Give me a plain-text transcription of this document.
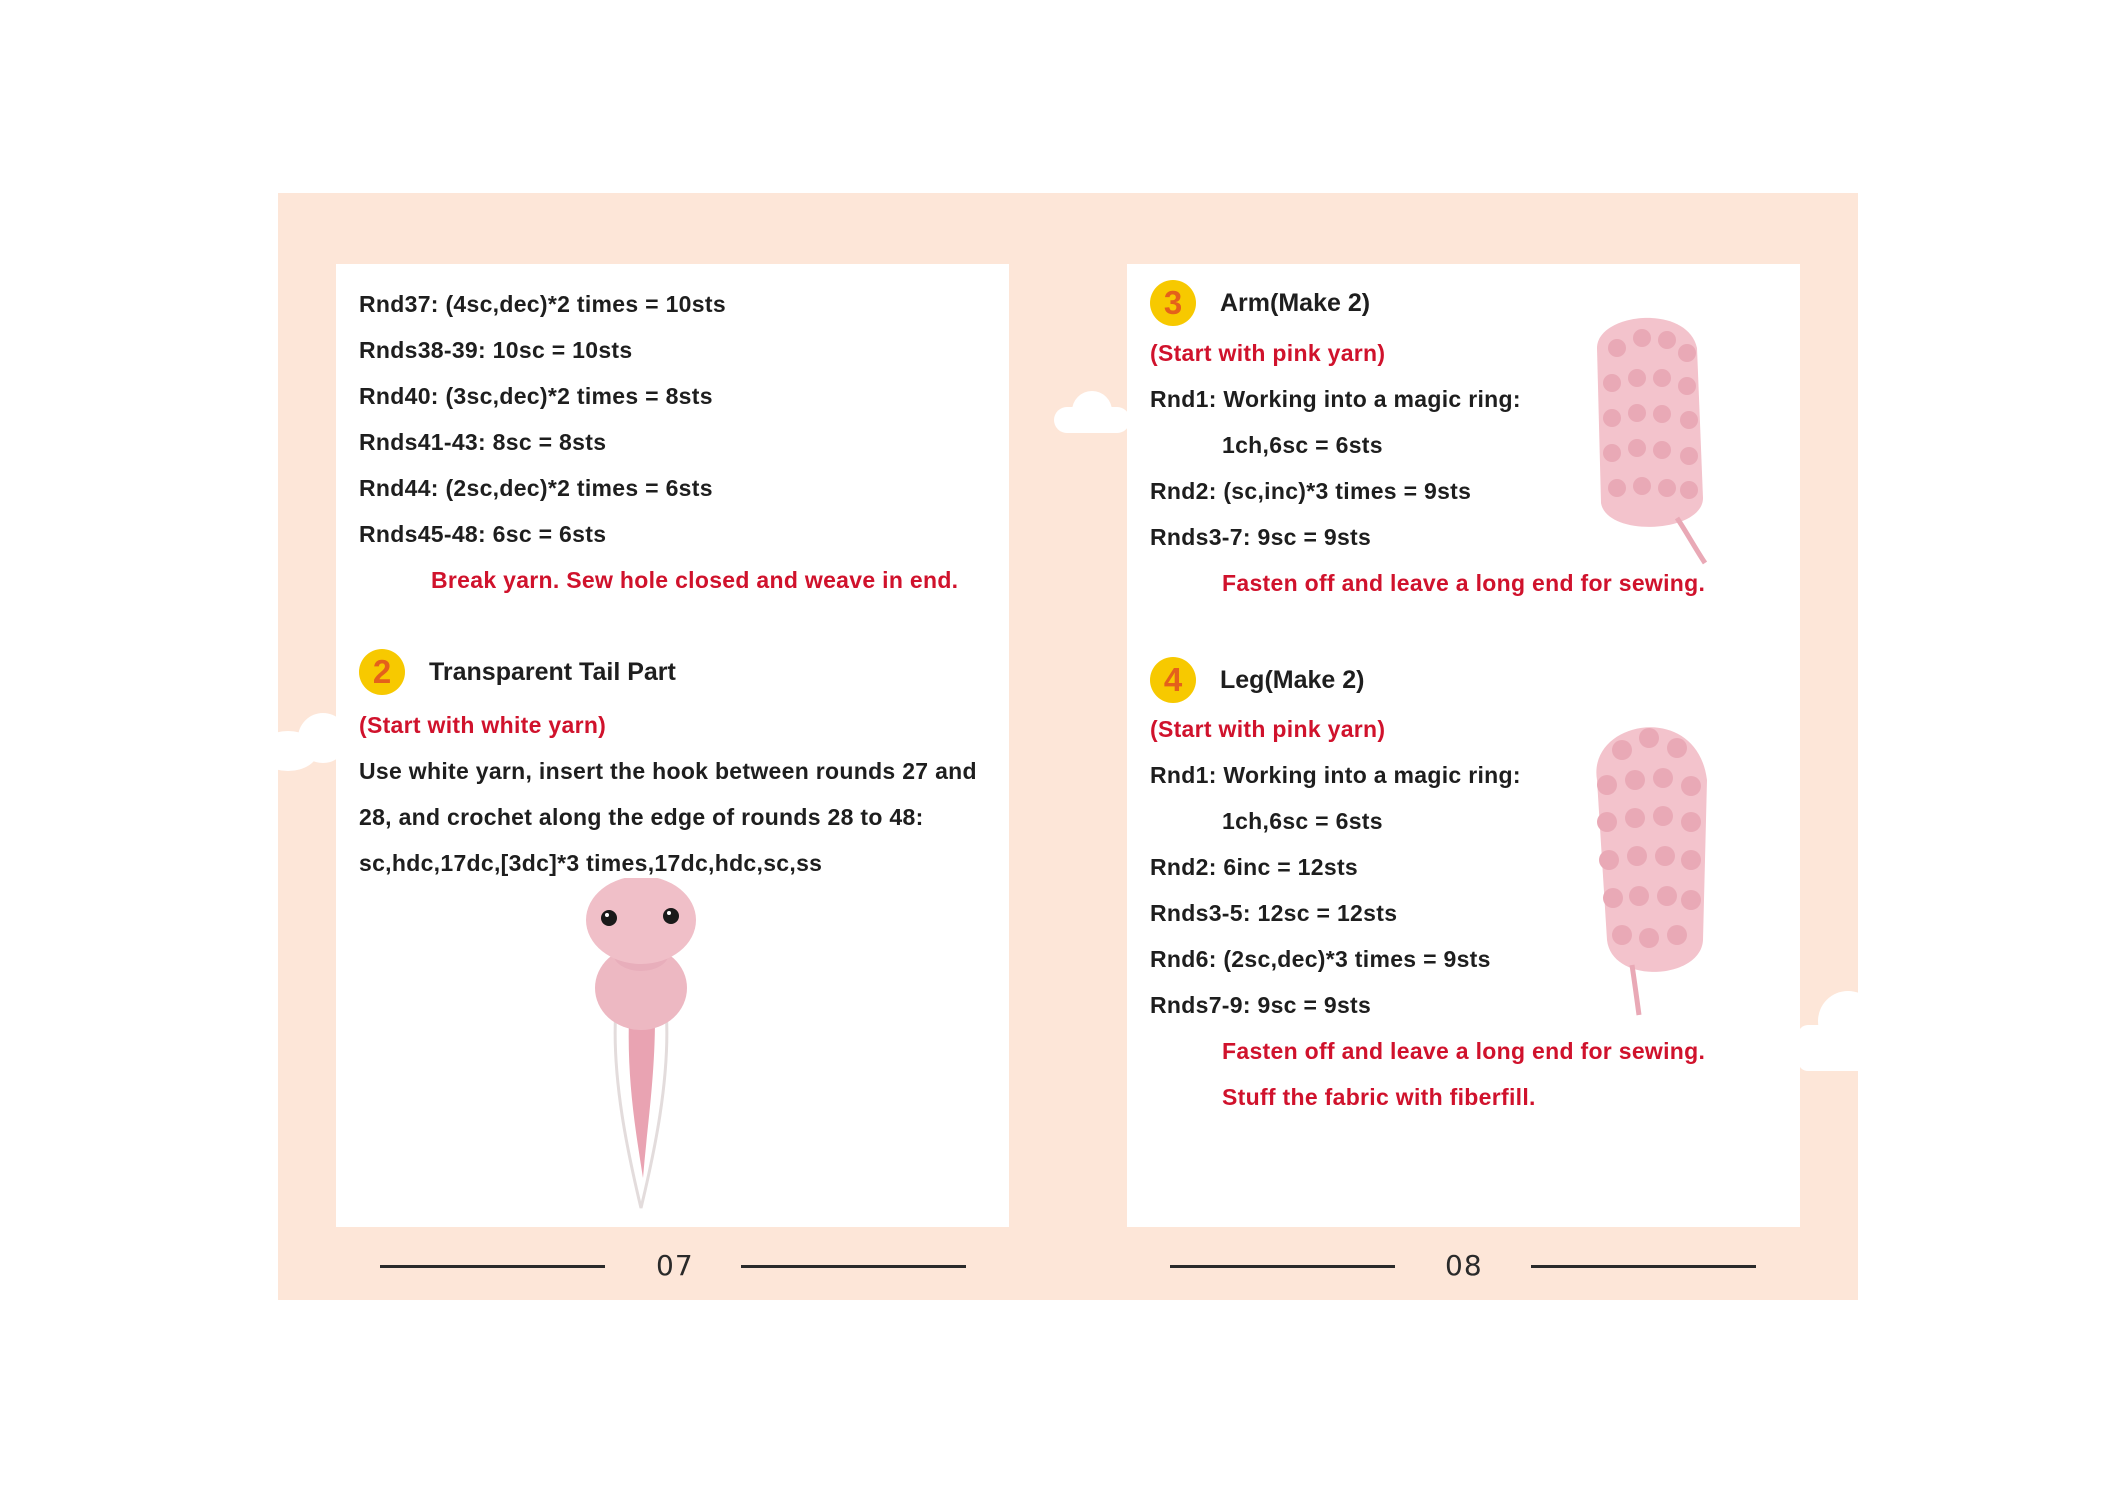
Rnd37: (4sc,dec)*2 times = 10sts
Rnds38-39: 10sc = 10sts
Rnd40: (3sc,dec)*2 times = 8sts
Rnds41-43: 8sc = 8sts
Rnd44: (2sc,dec)*2 times = 6sts
Rnds45-48: 6sc = 6sts
Break yarn. Sew hole closed and weave in end.
2	Transparent Tail Part
(Start with white yarn)
Use white yarn, insert the hook between rounds 27 and
28, and crochet along the edge of rounds 28 to 48:
sc,hdc,17dc,[3dc]*3 times,17dc,hdc,sc,ss
3	Arm(Make 2)
(Start with pink yarn)
Rnd1: Working into a magic ring:
1ch,6sc = 6sts
Rnd2: (sc,inc)*3 times = 9sts
Rnds3-7: 9sc = 9sts
Fasten off and leave a long end for sewing.
4	Leg(Make 2)
(Start with pink yarn)
Rnd1: Working into a magic ring:
1ch,6sc = 6sts
Rnd2: 6inc = 12sts
Rnds3-5: 12sc = 12sts
Rnd6: (2sc,dec)*3 times = 9sts
Rnds7-9: 9sc = 9sts
Fasten off and leave a long end for sewing.
Stuff the fabric with fiberfill.
07	08
